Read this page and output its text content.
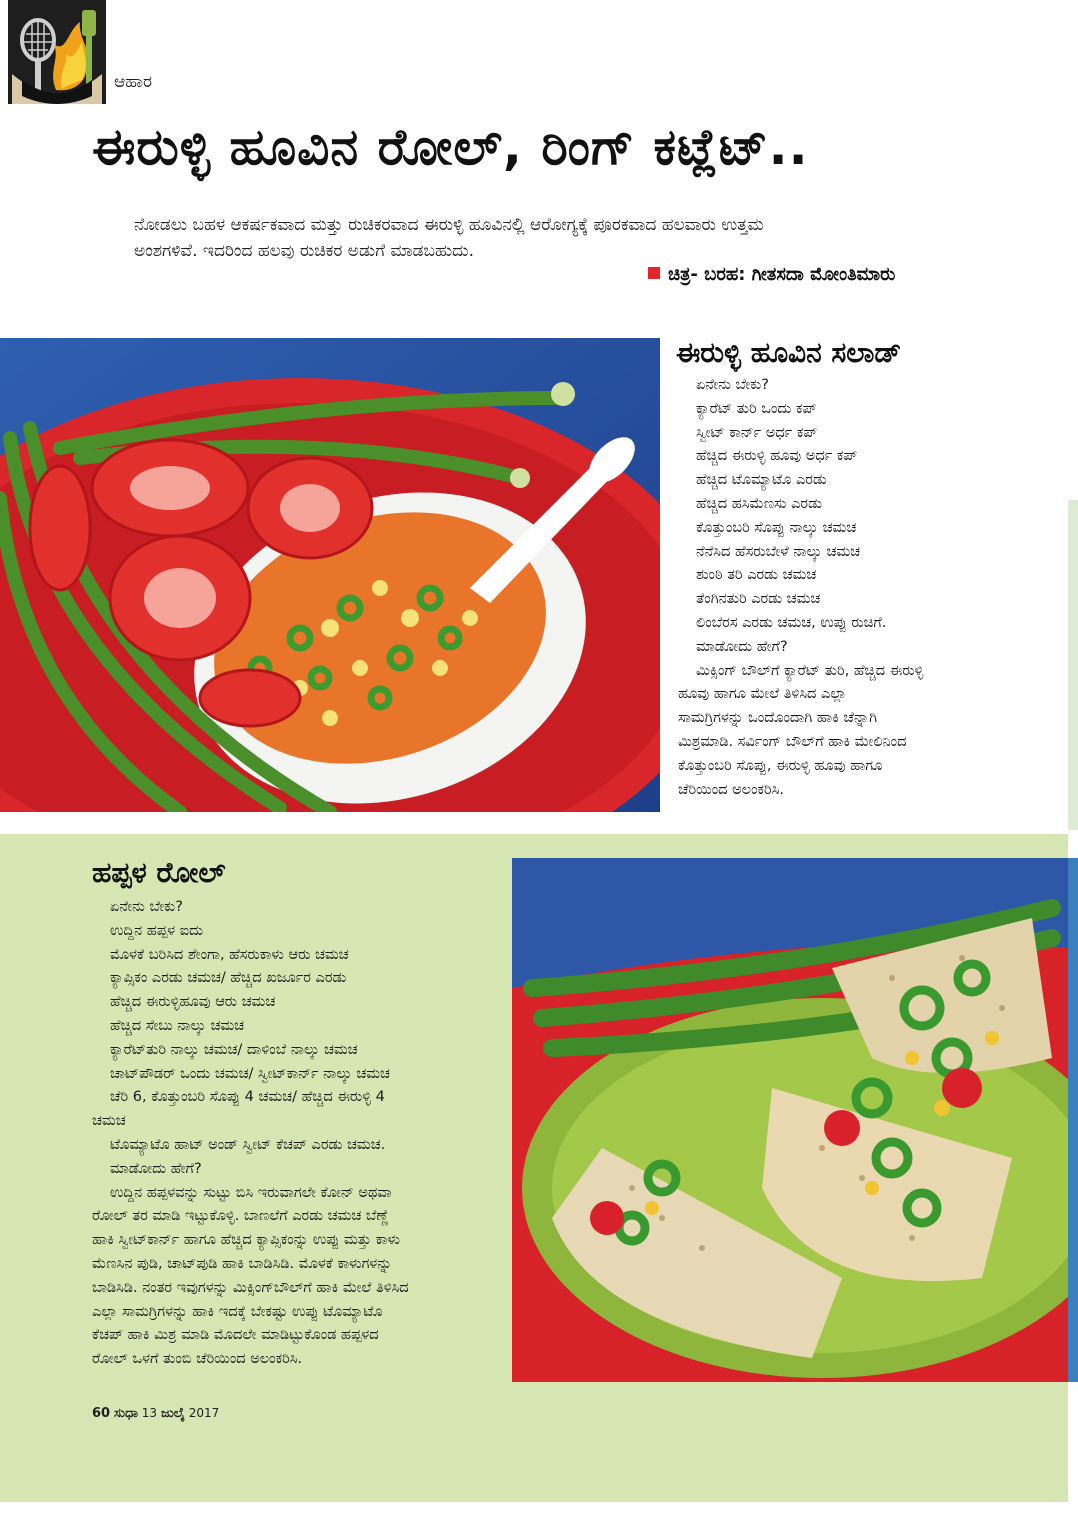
ಆಹಾರ
ಈರುಳ್ಳಿ ಹೂವಿನ ರೋಲ್, ರಿಂಗ್ ಕಟ್ಲೆಟ್..
ನೋಡಲು ಬಹಳ ಆಕರ್ಷಕವಾದ ಮತ್ತು ರುಚಿಕರವಾದ ಈರುಳ್ಳಿ ಹೂವಿನಲ್ಲಿ ಆರೋಗ್ಯಕ್ಕೆ ಪೂರಕವಾದ ಹಲವಾರು ಉತ್ತಮ
ಅಂಶಗಳಿವೆ. ಇದರಿಂದ ಹಲವು ರುಚಿಕರ ಅಡುಗೆ ಮಾಡಬಹುದು.
ಚಿತ್ರ- ಬರಹ: ಗೀತಸದಾ ಮೋಂತಿಮಾರು
ಈರುಳ್ಳಿ ಹೂವಿನ ಸಲಾಡ್
ಏನೇನು ಬೇಕು?
ಕ್ಯಾರೆಟ್ ತುರಿ ಒಂದು ಕಪ್
ಸ್ವೀಟ್ ಕಾರ್ನ್ ಅರ್ಧ ಕಪ್
ಹೆಚ್ಚಿದ ಈರುಳ್ಳಿ ಹೂವು ಅರ್ಧ ಕಪ್
ಹೆಚ್ಚಿದ ಟೊಮ್ಯಾಟೊ ಎರಡು
ಹೆಚ್ಚಿದ ಹಸಿಮೆಣಸು ಎರಡು
ಕೊತ್ತುಂಬರಿ ಸೊಪ್ಪು ನಾಲ್ಕು ಚಮಚ
ನೆನೆಸಿದ ಹೆಸರುಬೇಳೆ ನಾಲ್ಕು ಚಮಚ
ಶುಂಠಿ ತರಿ ಎರಡು ಚಮಚ
ತೆಂಗಿನತುರಿ ಎರಡು ಚಮಚ
ಲಿಂಬೆರಸ ಎರಡು ಚಮಚ, ಉಪ್ಪು ರುಚಿಗೆ.
ಮಾಡೋದು ಹೇಗೆ?
ಮಿಕ್ಸಿಂಗ್ ಬೌಲ್‌ಗೆ ಕ್ಯಾರೆಟ್ ತುರಿ, ಹೆಚ್ಚಿದ ಈರುಳ್ಳಿ
ಹೂವು ಹಾಗೂ ಮೇಲೆ ತಿಳಿಸಿದ ಎಲ್ಲಾ
ಸಾಮಗ್ರಿಗಳನ್ನು ಒಂದೊಂದಾಗಿ ಹಾಕಿ ಚೆನ್ನಾಗಿ
ಮಿಶ್ರಮಾಡಿ. ಸರ್ವಿಂಗ್ ಬೌಲ್‌ಗೆ ಹಾಕಿ ಮೇಲಿನಿಂದ
ಕೊತ್ತುಂಬರಿ ಸೊಪ್ಪು, ಈರುಳ್ಳಿ ಹೂವು ಹಾಗೂ
ಚೆರಿಯಿಂದ ಅಲಂಕರಿಸಿ.
ಹಪ್ಪಳ ರೋಲ್
ಏನೇನು ಬೇಕು?
ಉದ್ದಿನ ಹಪ್ಪಳ ಐದು
ಮೊಳಕೆ ಬರಿಸಿದ ಶೇಂಗಾ, ಹೆಸರುಕಾಳು ಆರು ಚಮಚ
ಕ್ಯಾಪ್ಸಿಕಂ ಎರಡು ಚಮಚ/ ಹೆಚ್ಚಿದ ಖರ್ಜೂರ ಎರಡು
ಹೆಚ್ಚಿದ ಈರುಳ್ಳಿಹೂವು ಆರು ಚಮಚ
ಹೆಚ್ಚಿದ ಸೇಬು ನಾಲ್ಕು ಚಮಚ
ಕ್ಯಾರೆಟ್‌ತುರಿ ನಾಲ್ಕು ಚಮಚ/ ದಾಳಿಂಬೆ ನಾಲ್ಕು ಚಮಚ
ಚಾಟ್‌ಪೌಡರ್ ಒಂದು ಚಮಚ/ ಸ್ವೀಟ್‌ಕಾರ್ನ್ ನಾಲ್ಕು ಚಮಚ
ಚೆರಿ 6, ಕೊತ್ತುಂಬರಿ ಸೊಪ್ಪು 4 ಚಮಚ/ ಹೆಚ್ಚಿದ ಈರುಳ್ಳಿ 4
ಚಮಚ
ಟೊಮ್ಯಾಟೊ ಹಾಟ್ ಅಂಡ್ ಸ್ವೀಟ್ ಕೆಚಪ್ ಎರಡು ಚಮಚ.
ಮಾಡೋದು ಹೇಗೆ?
ಉದ್ದಿನ ಹಪ್ಪಳವನ್ನು ಸುಟ್ಟು ಬಿಸಿ ಇರುವಾಗಲೇ ಕೋನ್ ಅಥವಾ
ರೋಲ್ ತರ ಮಾಡಿ ಇಟ್ಟುಕೊಳ್ಳಿ. ಬಾಣಲೆಗೆ ಎರಡು ಚಮಚ ಬೆಣ್ಣೆ
ಹಾಕಿ ಸ್ವೀಟ್‌ಕಾರ್ನ್ ಹಾಗೂ ಹೆಚ್ಚಿದ ಕ್ಯಾಪ್ಸಿಕಂನ್ನು ಉಪ್ಪು ಮತ್ತು ಕಾಳು
ಮೆಣಸಿನ ಪುಡಿ, ಚಾಟ್‌ಪುಡಿ ಹಾಕಿ ಬಾಡಿಸಿಡಿ. ಮೊಳಕೆ ಕಾಳುಗಳನ್ನು
ಬಾಡಿಸಿಡಿ. ನಂತರ ಇವುಗಳನ್ನು ಮಿಕ್ಸಿಂಗ್‌ಬೌಲ್‌ಗೆ ಹಾಕಿ ಮೇಲೆ ತಿಳಿಸಿದ
ಎಲ್ಲಾ ಸಾಮಗ್ರಿಗಳನ್ನು ಹಾಕಿ ಇದಕ್ಕೆ ಬೇಕಷ್ಟು ಉಪ್ಪು ಟೊಮ್ಯಾಟೊ
ಕೆಚಪ್ ಹಾಕಿ ಮಿಶ್ರ ಮಾಡಿ ಮೊದಲೇ ಮಾಡಿಟ್ಟುಕೊಂಡ ಹಪ್ಪಳದ
ರೋಲ್ ಒಳಗೆ ತುಂಬಿ ಚೆರಿಯಿಂದ ಅಲಂಕರಿಸಿ.
60 ಸುಧಾ 13 ಜುಲೈ 2017
